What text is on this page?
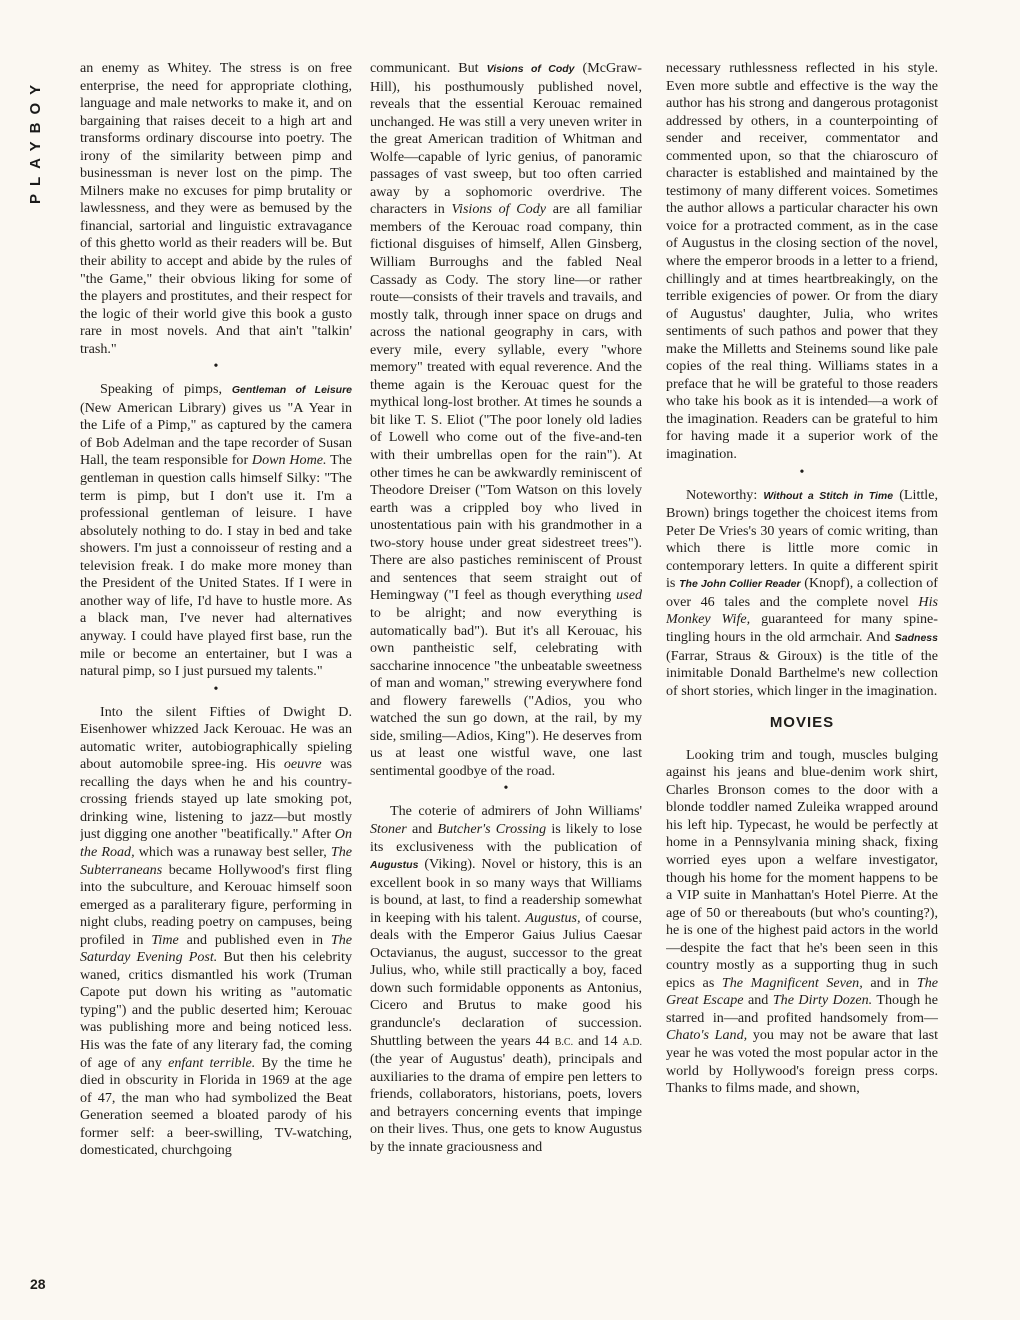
PLAYBOY

an enemy as Whitey. The stress is on free enterprise, the need for appropriate clothing, language and male networks to make it, and on bargaining that raises deceit to a high art and transforms ordinary discourse into poetry. The irony of the similarity between pimp and businessman is never lost on the pimp. The Milners make no excuses for pimp brutality or lawlessness, and they were as bemused by the financial, sartorial and linguistic extravagance of this ghetto world as their readers will be. But their ability to accept and abide by the rules of "the Game," their obvious liking for some of the players and prostitutes, and their respect for the logic of their world give this book a gusto rare in most novels. And that ain't "talkin' trash."

•

Speaking of pimps, Gentleman of Leisure (New American Library) gives us "A Year in the Life of a Pimp," as captured by the camera of Bob Adelman and the tape recorder of Susan Hall, the team responsible for Down Home. The gentleman in question calls himself Silky: "The term is pimp, but I don't use it. I'm a professional gentleman of leisure. I have absolutely nothing to do. I stay in bed and take showers. I'm just a connoisseur of resting and a television freak. I do make more money than the President of the United States. If I were in another way of life, I'd have to hustle more. As a black man, I've never had alternatives anyway. I could have played first base, run the mile or become an entertainer, but I was a natural pimp, so I just pursued my talents."

•

Into the silent Fifties of Dwight D. Eisenhower whizzed Jack Kerouac. He was an automatic writer, autobiographically spieling about automobile spree-ing. His oeuvre was recalling the days when he and his country-crossing friends stayed up late smoking pot, drinking wine, listening to jazz—but mostly just digging one another "beatifically." After On the Road, which was a runaway best seller, The Subterraneans became Hollywood's first fling into the subculture, and Kerouac himself soon emerged as a paraliterary figure, performing in night clubs, reading poetry on campuses, being profiled in Time and published even in The Saturday Evening Post. But then his celebrity waned, critics dismantled his work (Truman Capote put down his writing as "automatic typing") and the public deserted him; Kerouac was publishing more and being noticed less. His was the fate of any literary fad, the coming of age of any enfant terrible. By the time he died in obscurity in Florida in 1969 at the age of 47, the man who had symbolized the Beat Generation seemed a bloated parody of his former self: a beer-swilling, TV-watching, domesticated, churchgoing

communicant. But Visions of Cody (McGraw-Hill), his posthumously published novel, reveals that the essential Kerouac remained unchanged. He was still a very uneven writer in the great American tradition of Whitman and Wolfe—capable of lyric genius, of panoramic passages of vast sweep, but too often carried away by a sophomoric overdrive. The characters in Visions of Cody are all familiar members of the Kerouac road company, thin fictional disguises of himself, Allen Ginsberg, William Burroughs and the fabled Neal Cassady as Cody. The story line—or rather route—consists of their travels and travails, and mostly talk, through inner space on drugs and across the national geography in cars, with every mile, every syllable, every "whore memory" treated with equal reverence. And the theme again is the Kerouac quest for the mythical long-lost brother. At times he sounds a bit like T. S. Eliot ("The poor lonely old ladies of Lowell who come out of the five-and-ten with their umbrellas open for the rain"). At other times he can be awkwardly reminiscent of Theodore Dreiser ("Tom Watson on this lovely earth was a crippled boy who lived in unostentatious pain with his grandmother in a two-story house under great sidestreet trees"). There are also pastiches reminiscent of Proust and sentences that seem straight out of Hemingway ("I feel as though everything used to be alright; and now everything is automatically bad"). But it's all Kerouac, his own pantheistic self, celebrating with saccharine innocence "the unbeatable sweetness of man and woman," strewing everywhere fond and flowery farewells ("Adios, you who watched the sun go down, at the rail, by my side, smiling—Adios, King"). He deserves from us at least one wistful wave, one last sentimental goodbye of the road.

•

The coterie of admirers of John Williams' Stoner and Butcher's Crossing is likely to lose its exclusiveness with the publication of Augustus (Viking). Novel or history, this is an excellent book in so many ways that Williams is bound, at last, to find a readership somewhat in keeping with his talent. Augustus, of course, deals with the Emperor Gaius Julius Caesar Octavianus, the august, successor to the great Julius, who, while still practically a boy, faced down such formidable opponents as Antonius, Cicero and Brutus to make good his granduncle's declaration of succession. Shuttling between the years 44 B.C. and 14 A.D. (the year of Augustus' death), principals and auxiliaries to the drama of empire pen letters to friends, collaborators, historians, poets, lovers and betrayers concerning events that impinge on their lives. Thus, one gets to know Augustus by the innate graciousness and

necessary ruthlessness reflected in his style. Even more subtle and effective is the way the author has his strong and dangerous protagonist addressed by others, in a counterpointing of sender and receiver, commentator and commented upon, so that the chiaroscuro of character is established and maintained by the testimony of many different voices. Sometimes the author allows a particular character his own voice for a protracted comment, as in the case of Augustus in the closing section of the novel, where the emperor broods in a letter to a friend, chillingly and at times heartbreakingly, on the terrible exigencies of power. Or from the diary of Augustus' daughter, Julia, who writes sentiments of such pathos and power that they make the Milletts and Steinems sound like pale copies of the real thing. Williams states in a preface that he will be grateful to those readers who take his book as it is intended—a work of the imagination. Readers can be grateful to him for having made it a superior work of the imagination.

•

Noteworthy: Without a Stitch in Time (Little, Brown) brings together the choicest items from Peter De Vries's 30 years of comic writing, than which there is little more comic in contemporary letters. In quite a different spirit is The John Collier Reader (Knopf), a collection of over 46 tales and the complete novel His Monkey Wife, guaranteed for many spine-tingling hours in the old armchair. And Sadness (Farrar, Straus & Giroux) is the title of the inimitable Donald Barthelme's new collection of short stories, which linger in the imagination.

MOVIES

Looking trim and tough, muscles bulging against his jeans and blue-denim work shirt, Charles Bronson comes to the door with a blonde toddler named Zuleika wrapped around his left hip. Typecast, he would be perfectly at home in a Pennsylvania mining shack, fixing worried eyes upon a welfare investigator, though his home for the moment happens to be a VIP suite in Manhattan's Hotel Pierre. At the age of 50 or thereabouts (but who's counting?), he is one of the highest paid actors in the world—despite the fact that he's been seen in this country mostly as a supporting thug in such epics as The Magnificent Seven, and in The Great Escape and The Dirty Dozen. Though he starred in—and profited handsomely from—Chato's Land, you may not be aware that last year he was voted the most popular actor in the world by Hollywood's foreign press corps. Thanks to films made, and shown,

28
